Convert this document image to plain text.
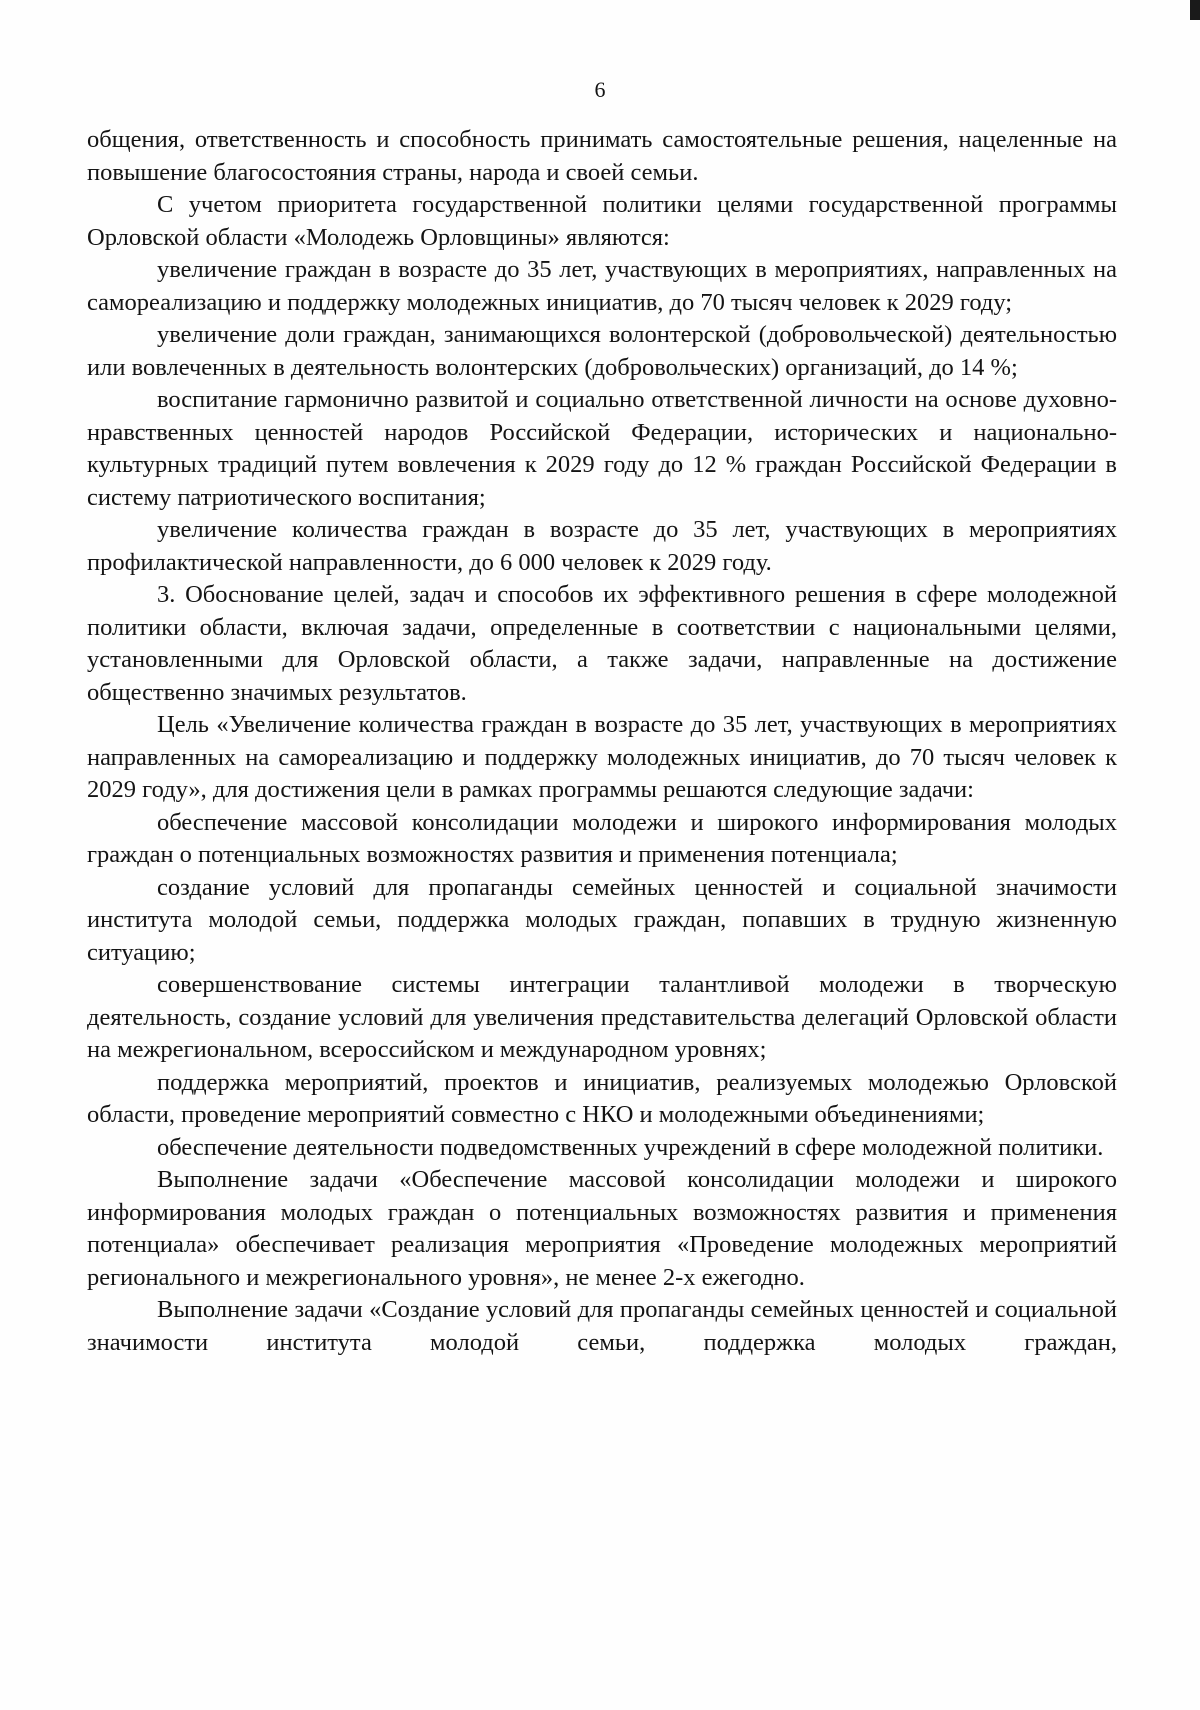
6

общения, ответственность и способность принимать самостоятельные решения, нацеленные на повышение благосостояния страны, народа и своей семьи.

С учетом приоритета государственной политики целями государственной программы Орловской области «Молодежь Орловщины» являются:

увеличение граждан в возрасте до 35 лет, участвующих в мероприятиях, направленных на самореализацию и поддержку молодежных инициатив, до 70 тысяч человек к 2029 году;

увеличение доли граждан, занимающихся волонтерской (добровольческой) деятельностью или вовлеченных в деятельность волонтерских (добровольческих) организаций, до 14 %;

воспитание гармонично развитой и социально ответственной личности на основе духовно-нравственных ценностей народов Российской Федерации, исторических и национально-культурных традиций путем вовлечения к 2029 году до 12 % граждан Российской Федерации в систему патриотического воспитания;

увеличение количества граждан в возрасте до 35 лет, участвующих в мероприятиях профилактической направленности, до 6 000 человек к 2029 году.

3. Обоснование целей, задач и способов их эффективного решения в сфере молодежной политики области, включая задачи, определенные в соответствии с национальными целями, установленными для Орловской области, а также задачи, направленные на достижение общественно значимых результатов.

Цель «Увеличение количества граждан в возрасте до 35 лет, участвующих в мероприятиях направленных на самореализацию и поддержку молодежных инициатив, до 70 тысяч человек к 2029 году», для достижения цели в рамках программы решаются следующие задачи:

обеспечение массовой консолидации молодежи и широкого информирования молодых граждан о потенциальных возможностях развития и применения потенциала;

создание условий для пропаганды семейных ценностей и социальной значимости института молодой семьи, поддержка молодых граждан, попавших в трудную жизненную ситуацию;

совершенствование системы интеграции талантливой молодежи в творческую деятельность, создание условий для увеличения представительства делегаций Орловской области на межрегиональном, всероссийском и международном уровнях;

поддержка мероприятий, проектов и инициатив, реализуемых молодежью Орловской области, проведение мероприятий совместно с НКО и молодежными объединениями;

обеспечение деятельности подведомственных учреждений в сфере молодежной политики.

Выполнение задачи «Обеспечение массовой консолидации молодежи и широкого информирования молодых граждан о потенциальных возможностях развития и применения потенциала» обеспечивает реализация мероприятия «Проведение молодежных мероприятий регионального и межрегионального уровня», не менее 2-х ежегодно.

Выполнение задачи «Создание условий для пропаганды семейных ценностей и социальной значимости института молодой семьи, поддержка молодых граждан,
